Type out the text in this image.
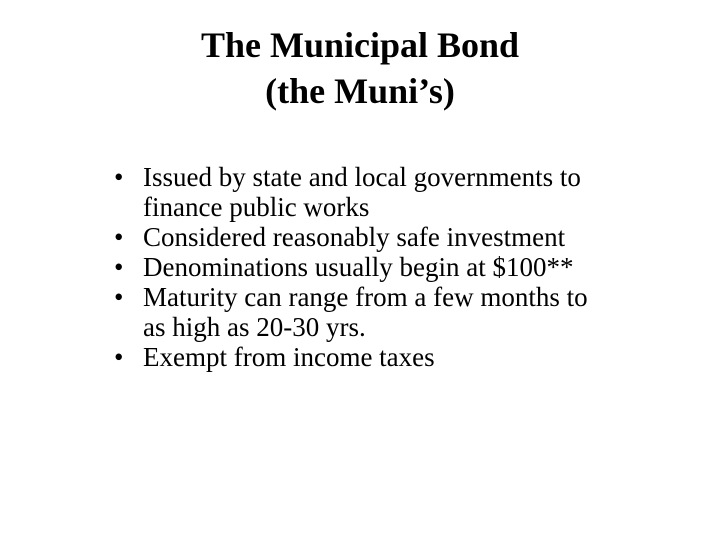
The Municipal Bond
(the Muni’s)
• Issued by state and local governments to
finance public works
• Considered reasonably safe investment
• Denominations usually begin at $100**
• Maturity can range from a few months to
as high as 20-30 yrs.
• Exempt from income taxes
